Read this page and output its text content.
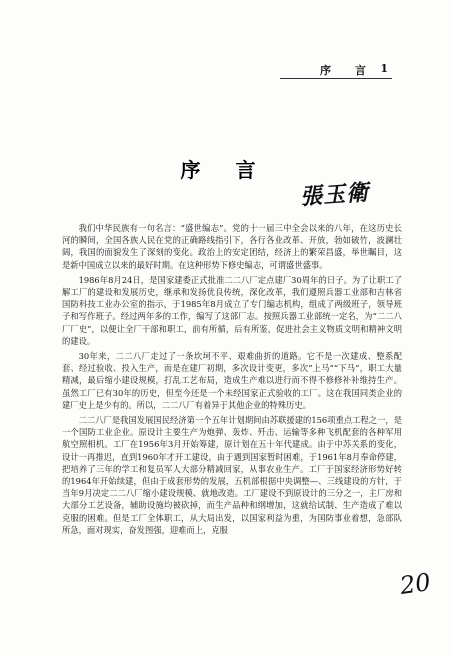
序 言 1
序 言
張玉衛

我们中华民族有一句名言：“盛世编志”。党的十一届三中全会以来的八年，在这历史长河的瞬间，全国各族人民在党的正确路线指引下，各行各业改革、开放，勃如破竹，波澜壮阔，我国的面貌发生了深刻的变化。政治上的安定团结，经济上的繁荣昌盛，举世瞩目，这是新中国成立以来的最好时期。在这种形势下修史编志，可谓盛世盛事。

1986年8月24日，是国家建委正式批准二二八厂定点建厂30周年的日子。为了让职工了解工厂的建设和发展历史，继承和发扬优良传统，深化改革，我们遵照兵器工业部和吉林省国防科技工业办公室的指示，于1985年8月成立了专门编志机构，组成了两级班子，领导班子和写作班子。经过两年多的工作，编写了这部厂志。按照兵器工业部统一定名，为“二二八厂厂史”，以便让全厂干部和职工，前有所循，后有所鉴，促进社会主义物质文明和精神文明的建设。

30年来，二二八厂走过了一条坎坷不平、艰难曲折的道路。它不是一次建成、整系配套、经过验收、投入生产，而是在建厂初期，多次设计变更，多次“上马”“下马”，职工大量精减，最后缩小建设规模，打乱工艺布局，造成生产难以进行而不得不修修补补维持生产。虽然工厂已有30年的历史，但至今还是一个未经国家正式验收的工厂。这在我国同类企业的建厂史上是少有的。所以，二二八厂有着异于其他企业的特殊历史。

二二八厂是我国发展国民经济第一个五年计划期间由苏联援建的156项重点工程之一，是一个国防工业企业。原设计主要生产为炮弹、轰炸、歼击、运输等多种飞机配套的各种军用航空照相机。工厂在1956年3月开始筹建，原计划在五十年代建成。由于中苏关系的变化，设计一再推迟，直到1960年才开工建设，由于遇到国家暂时困难，于1961年8月奉命停建，把培养了三年的学工和复员军人大部分精减回家，从事农业生产。工厂于国家经济形势好转的1964年开始续建，但由于成套形势的发展，五机部根据中央调整—、三线建设的方针，于当年9月决定二二八厂缩小建设规模、就地改造。工厂建设不到原设计的三分之一，主厂房和大部分工艺设备，辅助设施均被砍掉，而生产品种和纲增加，这就给试制、生产造成了难以克服的困难。但是工厂全体职工，从大局出发，以国家利益为重，为国防事业着想，急部队所急，面对现实，奋发图强，迎难而上，克服

20
